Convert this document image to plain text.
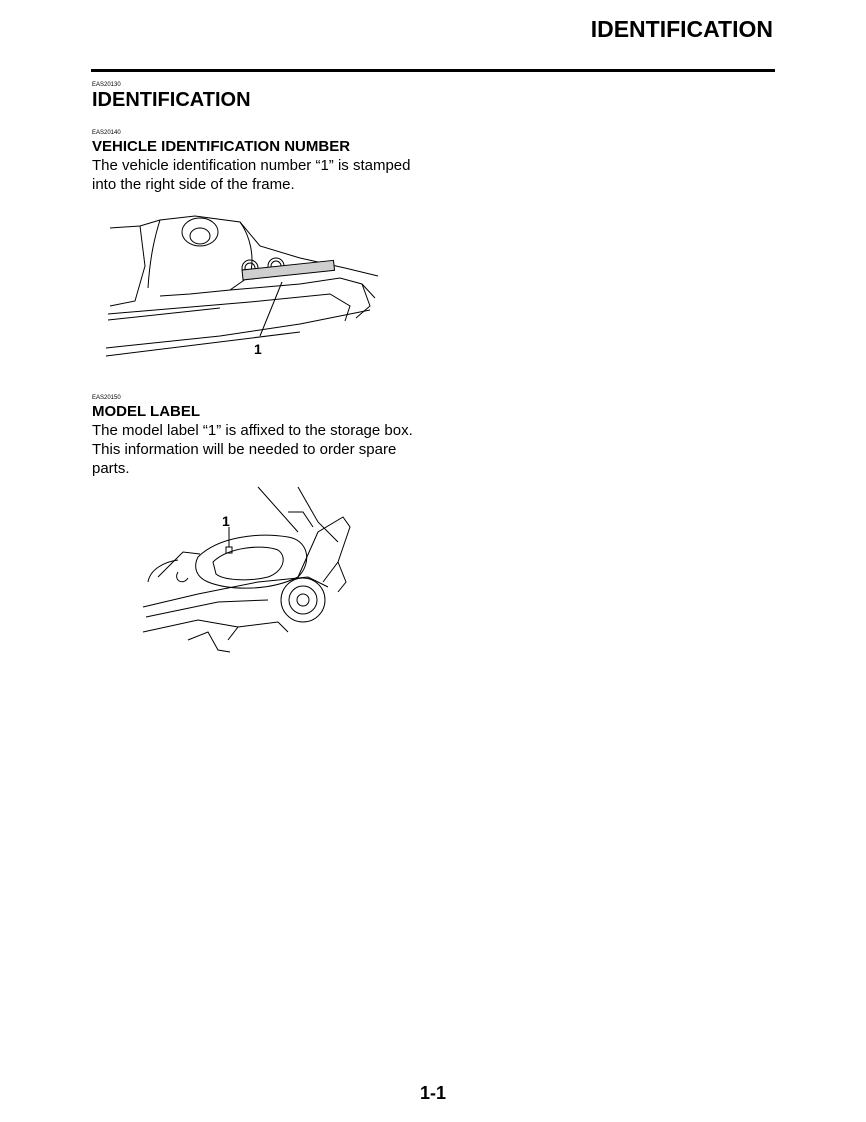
IDENTIFICATION
EAS20130
IDENTIFICATION
EAS20140
VEHICLE IDENTIFICATION NUMBER
The vehicle identification number “1” is stamped
into the right side of the frame.
1
EAS20150
MODEL LABEL
The model label “1” is affixed to the storage box.
This information will be needed to order spare
parts.
1
1-1
